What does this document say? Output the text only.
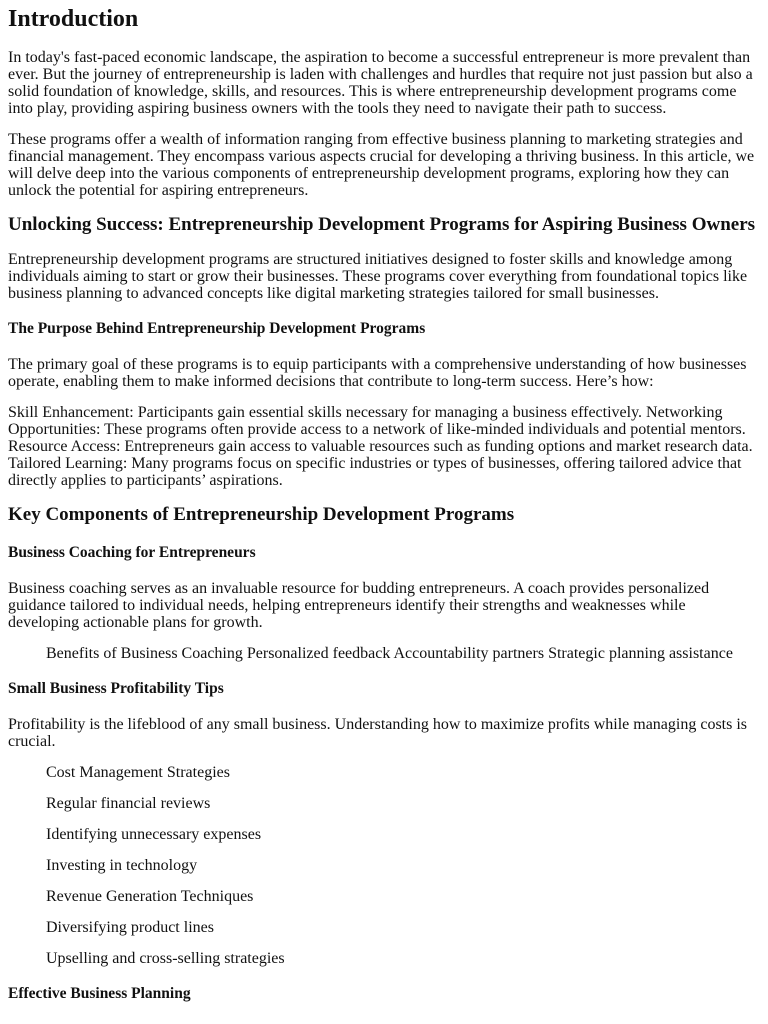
Introduction

In today's fast-paced economic landscape, the aspiration to become a successful entrepreneur is more prevalent than ever. But the journey of entrepreneurship is laden with challenges and hurdles that require not just passion but also a solid foundation of knowledge, skills, and resources. This is where entrepreneurship development programs come into play, providing aspiring business owners with the tools they need to navigate their path to success.

These programs offer a wealth of information ranging from effective business planning to marketing strategies and financial management. They encompass various aspects crucial for developing a thriving business. In this article, we will delve deep into the various components of entrepreneurship development programs, exploring how they can unlock the potential for aspiring entrepreneurs.

Unlocking Success: Entrepreneurship Development Programs for Aspiring Business Owners

Entrepreneurship development programs are structured initiatives designed to foster skills and knowledge among individuals aiming to start or grow their businesses. These programs cover everything from foundational topics like business planning to advanced concepts like digital marketing strategies tailored for small businesses.

The Purpose Behind Entrepreneurship Development Programs

The primary goal of these programs is to equip participants with a comprehensive understanding of how businesses operate, enabling them to make informed decisions that contribute to long-term success. Here’s how:

Skill Enhancement: Participants gain essential skills necessary for managing a business effectively. Networking Opportunities: These programs often provide access to a network of like-minded individuals and potential mentors. Resource Access: Entrepreneurs gain access to valuable resources such as funding options and market research data. Tailored Learning: Many programs focus on specific industries or types of businesses, offering tailored advice that directly applies to participants’ aspirations.

Key Components of Entrepreneurship Development Programs
Business Coaching for Entrepreneurs

Business coaching serves as an invaluable resource for budding entrepreneurs. A coach provides personalized guidance tailored to individual needs, helping entrepreneurs identify their strengths and weaknesses while developing actionable plans for growth.

Benefits of Business Coaching Personalized feedback Accountability partners Strategic planning assistance
Small Business Profitability Tips

Profitability is the lifeblood of any small business. Understanding how to maximize profits while managing costs is crucial.

Cost Management Strategies
Regular financial reviews
Identifying unnecessary expenses
Investing in technology
Revenue Generation Techniques
Diversifying product lines
Upselling and cross-selling strategies
Effective Business Planning
